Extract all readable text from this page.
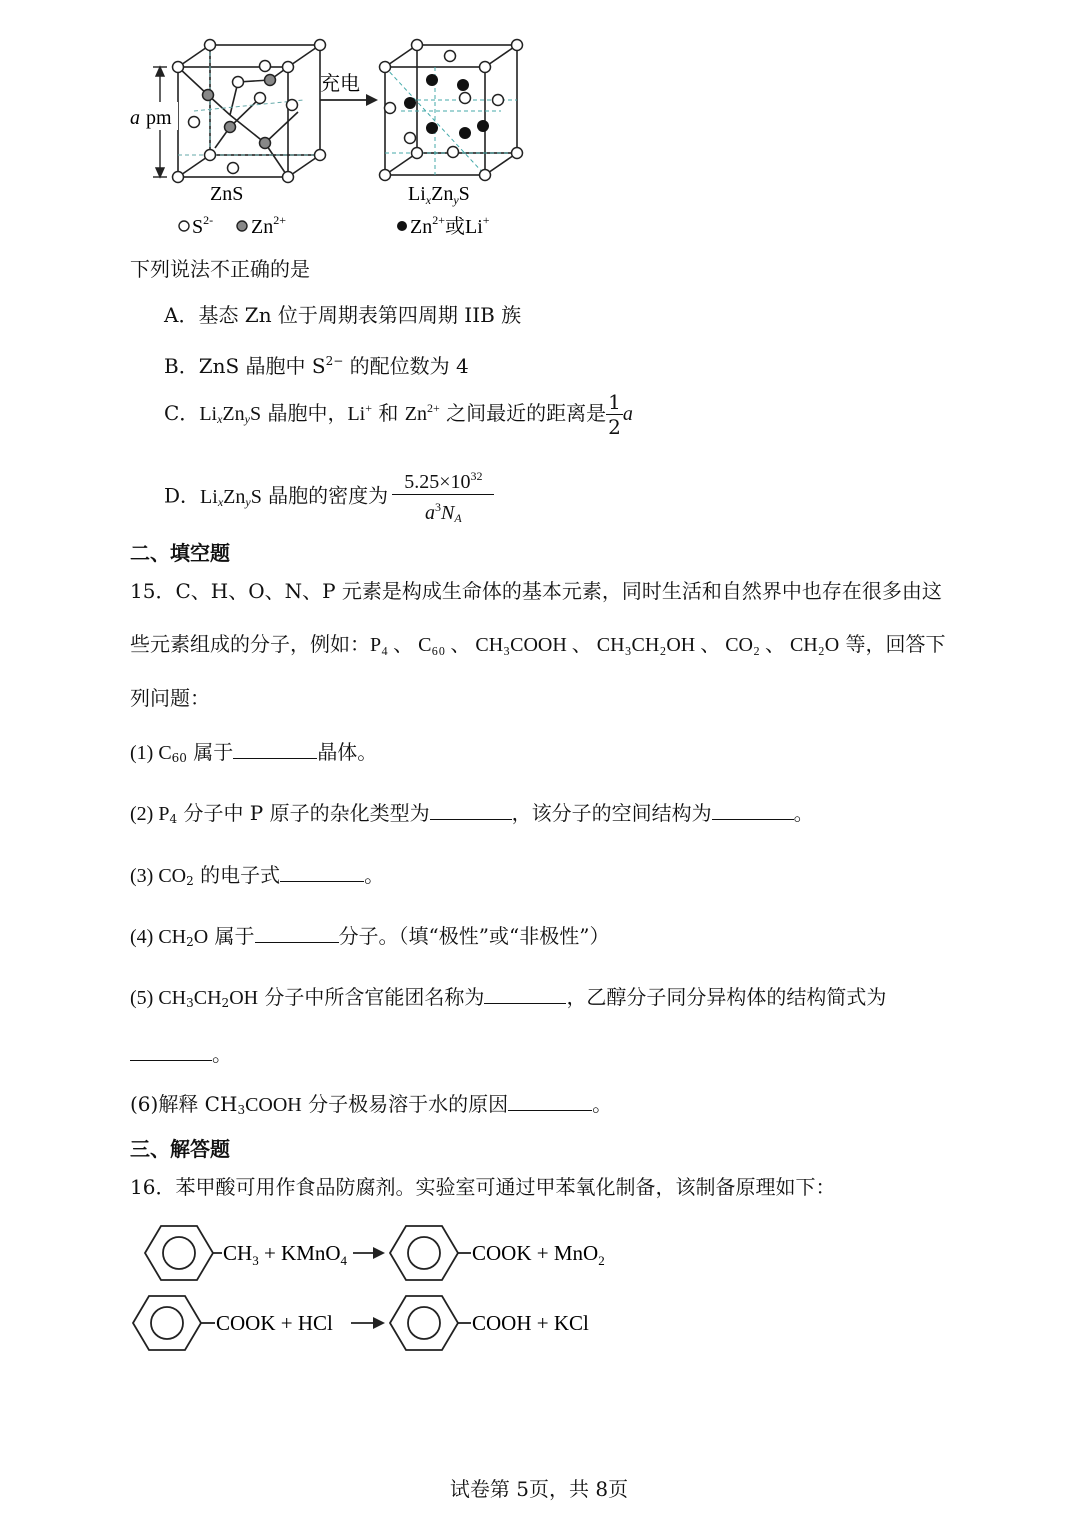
a pm
充电
ZnS	$Li_xZn_yS$
$S^{2-}$ $Zn^{2+}$	$Zn^{2+}$或Li+
下列说法不正确的是
A．基态 Zn 位于周期表第四周期 IIB 族
B．ZnS 晶胞中 $S^{2-}$ 的配位数为 4
C．$Li_xZn_yS$ 晶胞中，Li+ 和 $Zn^{2+}$ 之间最近的距离是 $\frac{1}{2}$ a
D．$Li_xZn_yS$ 晶胞的密度为 $\frac{5.25\times 10^{32}}{a^3N_A}$
二、填空题
15．C、H、O、N、P 元素是构成生命体的基本元素，同时生活和自然界中也存在很多由这
些元素组成的分子，例如：P₄ 、 C₆₀ 、 CH₃COOH 、 CH₃CH₂OH 、 CO₂ 、 CH₂O 等，回答下
列问题：
(1) $C_{60}$ 属于	晶体。
(2) $P_4$ 分子中 P 原子的杂化类型为	，该分子的空间结构为	。
(3) $CO_2$ 的电子式	。
(4) $CH_2O$ 属于	分子。（填“极性”或“非极性”）
(5) $CH_3CH_2OH$ 分子中所含官能团名称为	，乙醇分子同分异构体的结构简式为
。
(6)解释 $CH_3COOH$ 分子极易溶于水的原因	。
三、解答题
16．苯甲酸可用作食品防腐剂。实验室可通过甲苯氧化制备，该制备原理如下：
$CH_3$ + KMnO$_4$	COOK + MnO$_2$
COOK + HCl	COOH + KCl
试卷第 5页，共 8页
